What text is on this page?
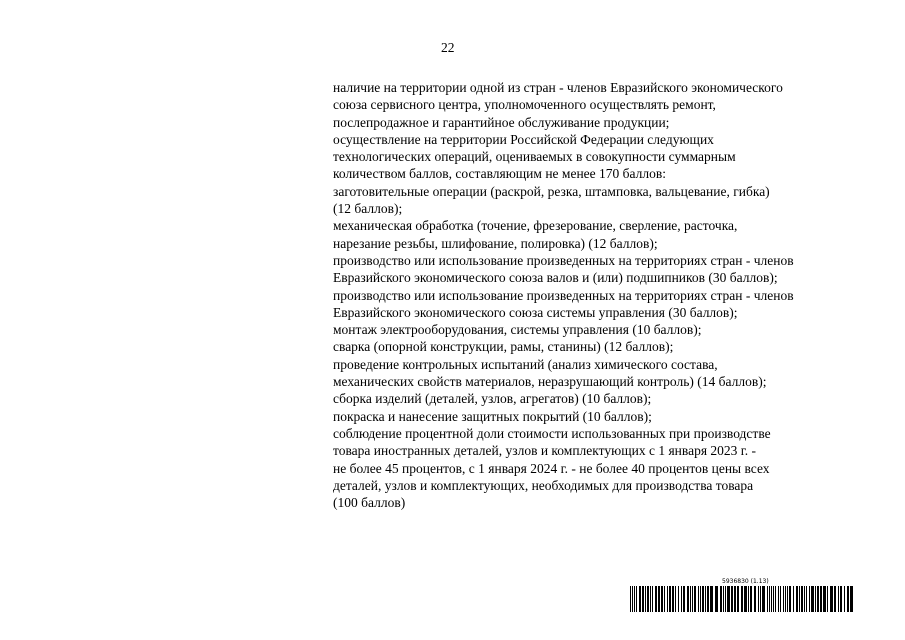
22
наличие на территории одной из стран - членов Евразийского экономического
союза сервисного центра, уполномоченного осуществлять ремонт,
послепродажное и гарантийное обслуживание продукции;
осуществление на территории Российской Федерации следующих
технологических операций, оцениваемых в совокупности суммарным
количеством баллов, составляющим не менее 170 баллов:
заготовительные операции (раскрой, резка, штамповка, вальцевание, гибка)
(12 баллов);
механическая обработка (точение, фрезерование, сверление, расточка,
нарезание резьбы, шлифование, полировка) (12 баллов);
производство или использование произведенных на территориях стран - членов
Евразийского экономического союза валов и (или) подшипников (30 баллов);
производство или использование произведенных на территориях стран - членов
Евразийского экономического союза системы управления (30 баллов);
монтаж электрооборудования, системы управления (10 баллов);
сварка (опорной конструкции, рамы, станины) (12 баллов);
проведение контрольных испытаний (анализ химического состава,
механических свойств материалов, неразрушающий контроль) (14 баллов);
сборка изделий (деталей, узлов, агрегатов) (10 баллов);
покраска и нанесение защитных покрытий (10 баллов);
соблюдение процентной доли стоимости использованных при производстве
товара иностранных деталей, узлов и комплектующих с 1 января 2023 г. -
не более 45 процентов, с 1 января 2024 г. - не более 40 процентов цены всех
деталей, узлов и комплектующих, необходимых для производства товара
(100 баллов)
5936830 (1.13)
